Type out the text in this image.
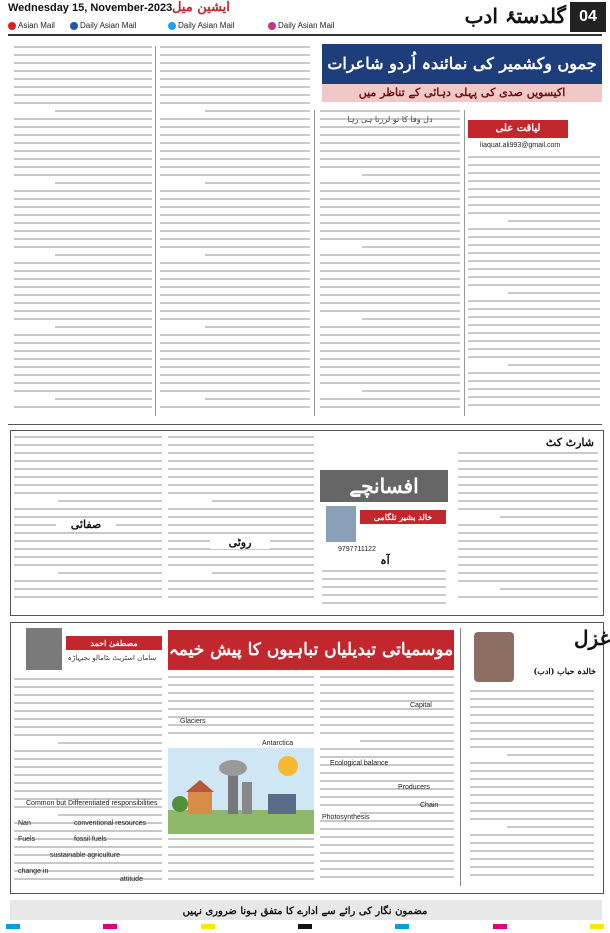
Wednesday 15, November-2023 ایشین میل
04
گلدستۂ ادب
Asian Mail	Daily Asian Mail	Daily Asian Mail	Daily Asian Mail
جموں وکشمیر کی نمائندہ اُردو شاعرات
اکیسویں صدی کی پہلی دہائی کے تناظر میں
لیاقت علی
liaquat.ali993@gmail.com
دل وفا کا تو لرزتا ہی رہا
صفائی
روٹی
افسانچے
خالد بشیر تلگامی
9797711122
آہ
شارٹ کٹ
غزل
خالدہ حباب (ادب)
موسمیاتی تبدیلیاں تباہیوں کا پیش خیمہ
مصطفیٰ احمد
سامان اسٹریٹ بٹامالو بجبہاڑہ
Common but Differentiated responsibilities
Nan	conventional resources
Fuels	fossil fuels
sustainable agriculture
change in
attitude
Glaciers
Antarctica
Capital
Ecological balance
Producers
Chain
Photosynthesis
مضمون نگار کی رائے سے ادارے کا متفق ہونا ضروری نہیں
